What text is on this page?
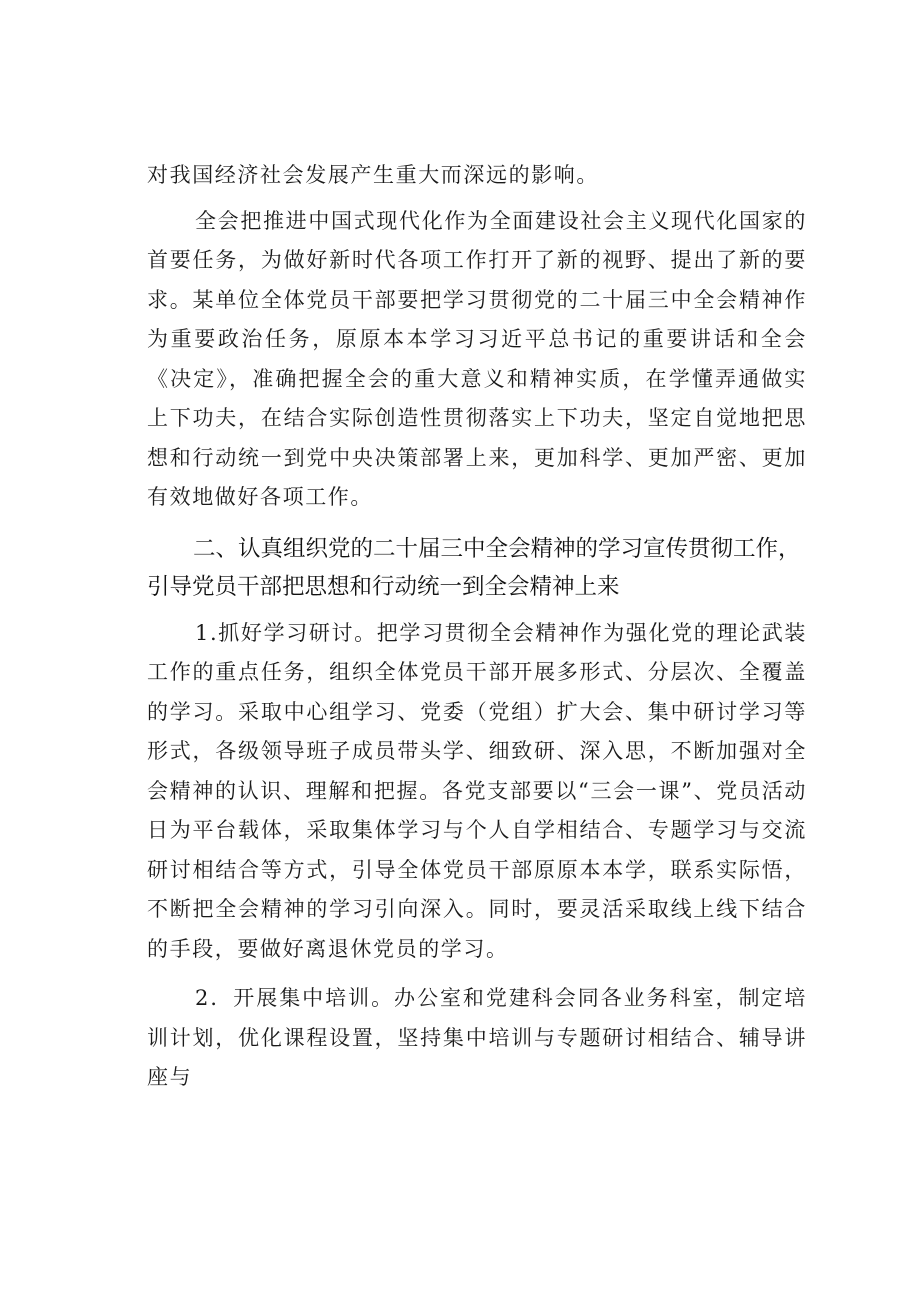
对我国经济社会发展产生重大而深远的影响。

全会把推进中国式现代化作为全面建设社会主义现代化国家的首要任务，为做好新时代各项工作打开了新的视野、提出了新的要求。某单位全体党员干部要把学习贯彻党的二十届三中全会精神作为重要政治任务，原原本本学习习近平总书记的重要讲话和全会《决定》，准确把握全会的重大意义和精神实质，在学懂弄通做实上下功夫，在结合实际创造性贯彻落实上下功夫，坚定自觉地把思想和行动统一到党中央决策部署上来，更加科学、更加严密、更加有效地做好各项工作。

二、认真组织党的二十届三中全会精神的学习宣传贯彻工作，
引导党员干部把思想和行动统一到全会精神上来

1.抓好学习研讨。把学习贯彻全会精神作为强化党的理论武装工作的重点任务，组织全体党员干部开展多形式、分层次、全覆盖的学习。采取中心组学习、党委（党组）扩大会、集中研讨学习等形式，各级领导班子成员带头学、细致研、深入思，不断加强对全会精神的认识、理解和把握。各党支部要以“三会一课”、党员活动日为平台载体，采取集体学习与个人自学相结合、专题学习与交流研讨相结合等方式，引导全体党员干部原原本本学，联系实际悟，不断把全会精神的学习引向深入。同时，要灵活采取线上线下结合的手段，要做好离退休党员的学习。

2．开展集中培训。办公室和党建科会同各业务科室，制定培训计划，优化课程设置，坚持集中培训与专题研讨相结合、辅导讲座与
